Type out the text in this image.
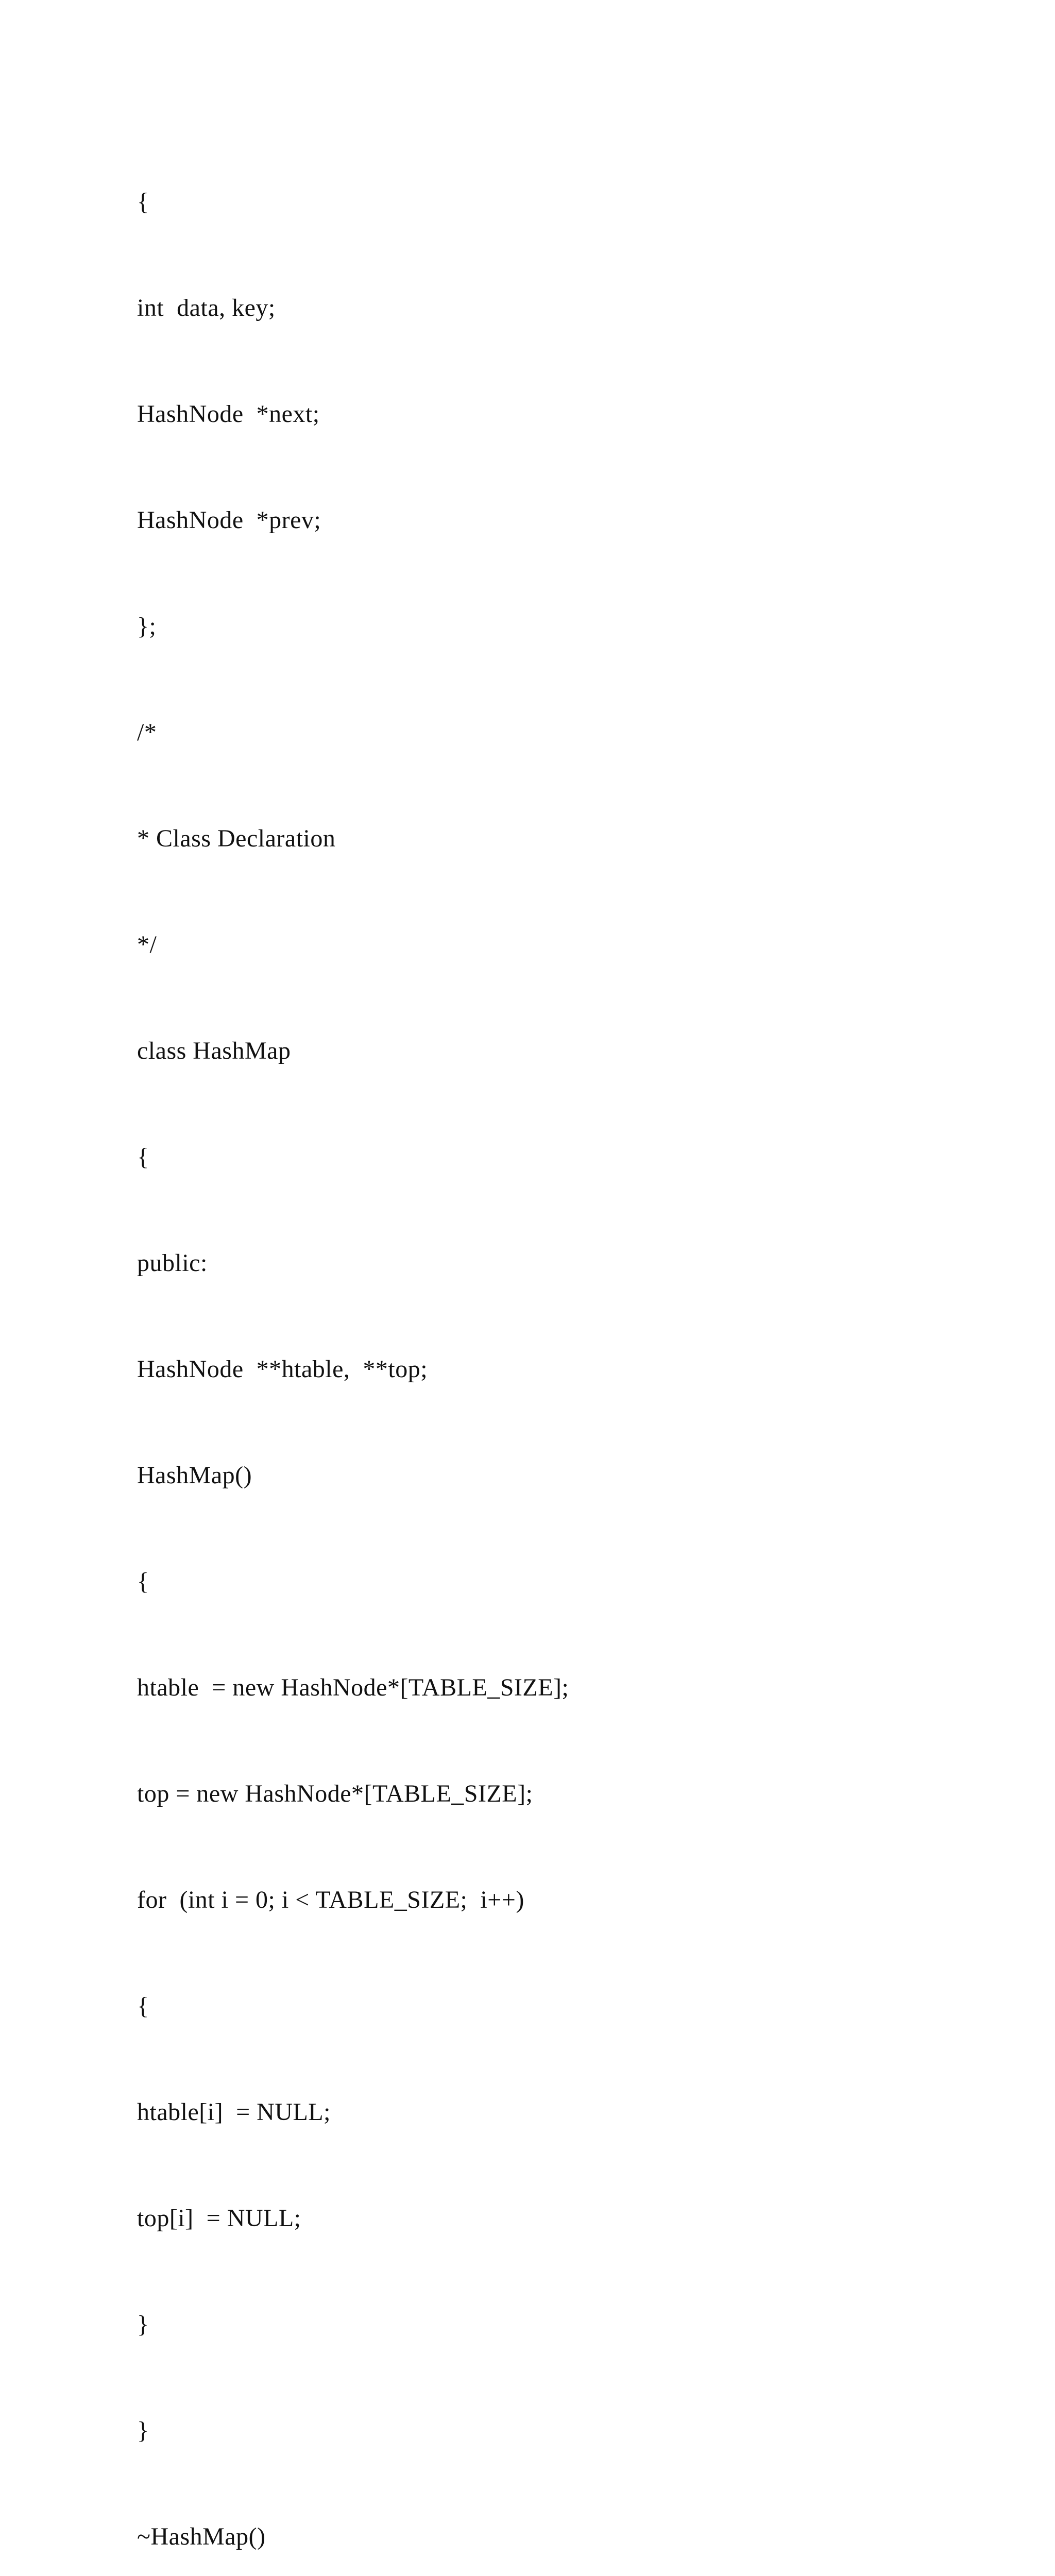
{

int  data, key;

HashNode  *next;

HashNode  *prev;

};

/*

* Class Declaration

*/

class HashMap

{

public:

HashNode  **htable,  **top;

HashMap()

{

htable  = new HashNode*[TABLE_SIZE];

top = new HashNode*[TABLE_SIZE];

for  (int i = 0; i < TABLE_SIZE;  i++)

{

htable[i]  = NULL;

top[i]  = NULL;

}

}

~HashMap()
